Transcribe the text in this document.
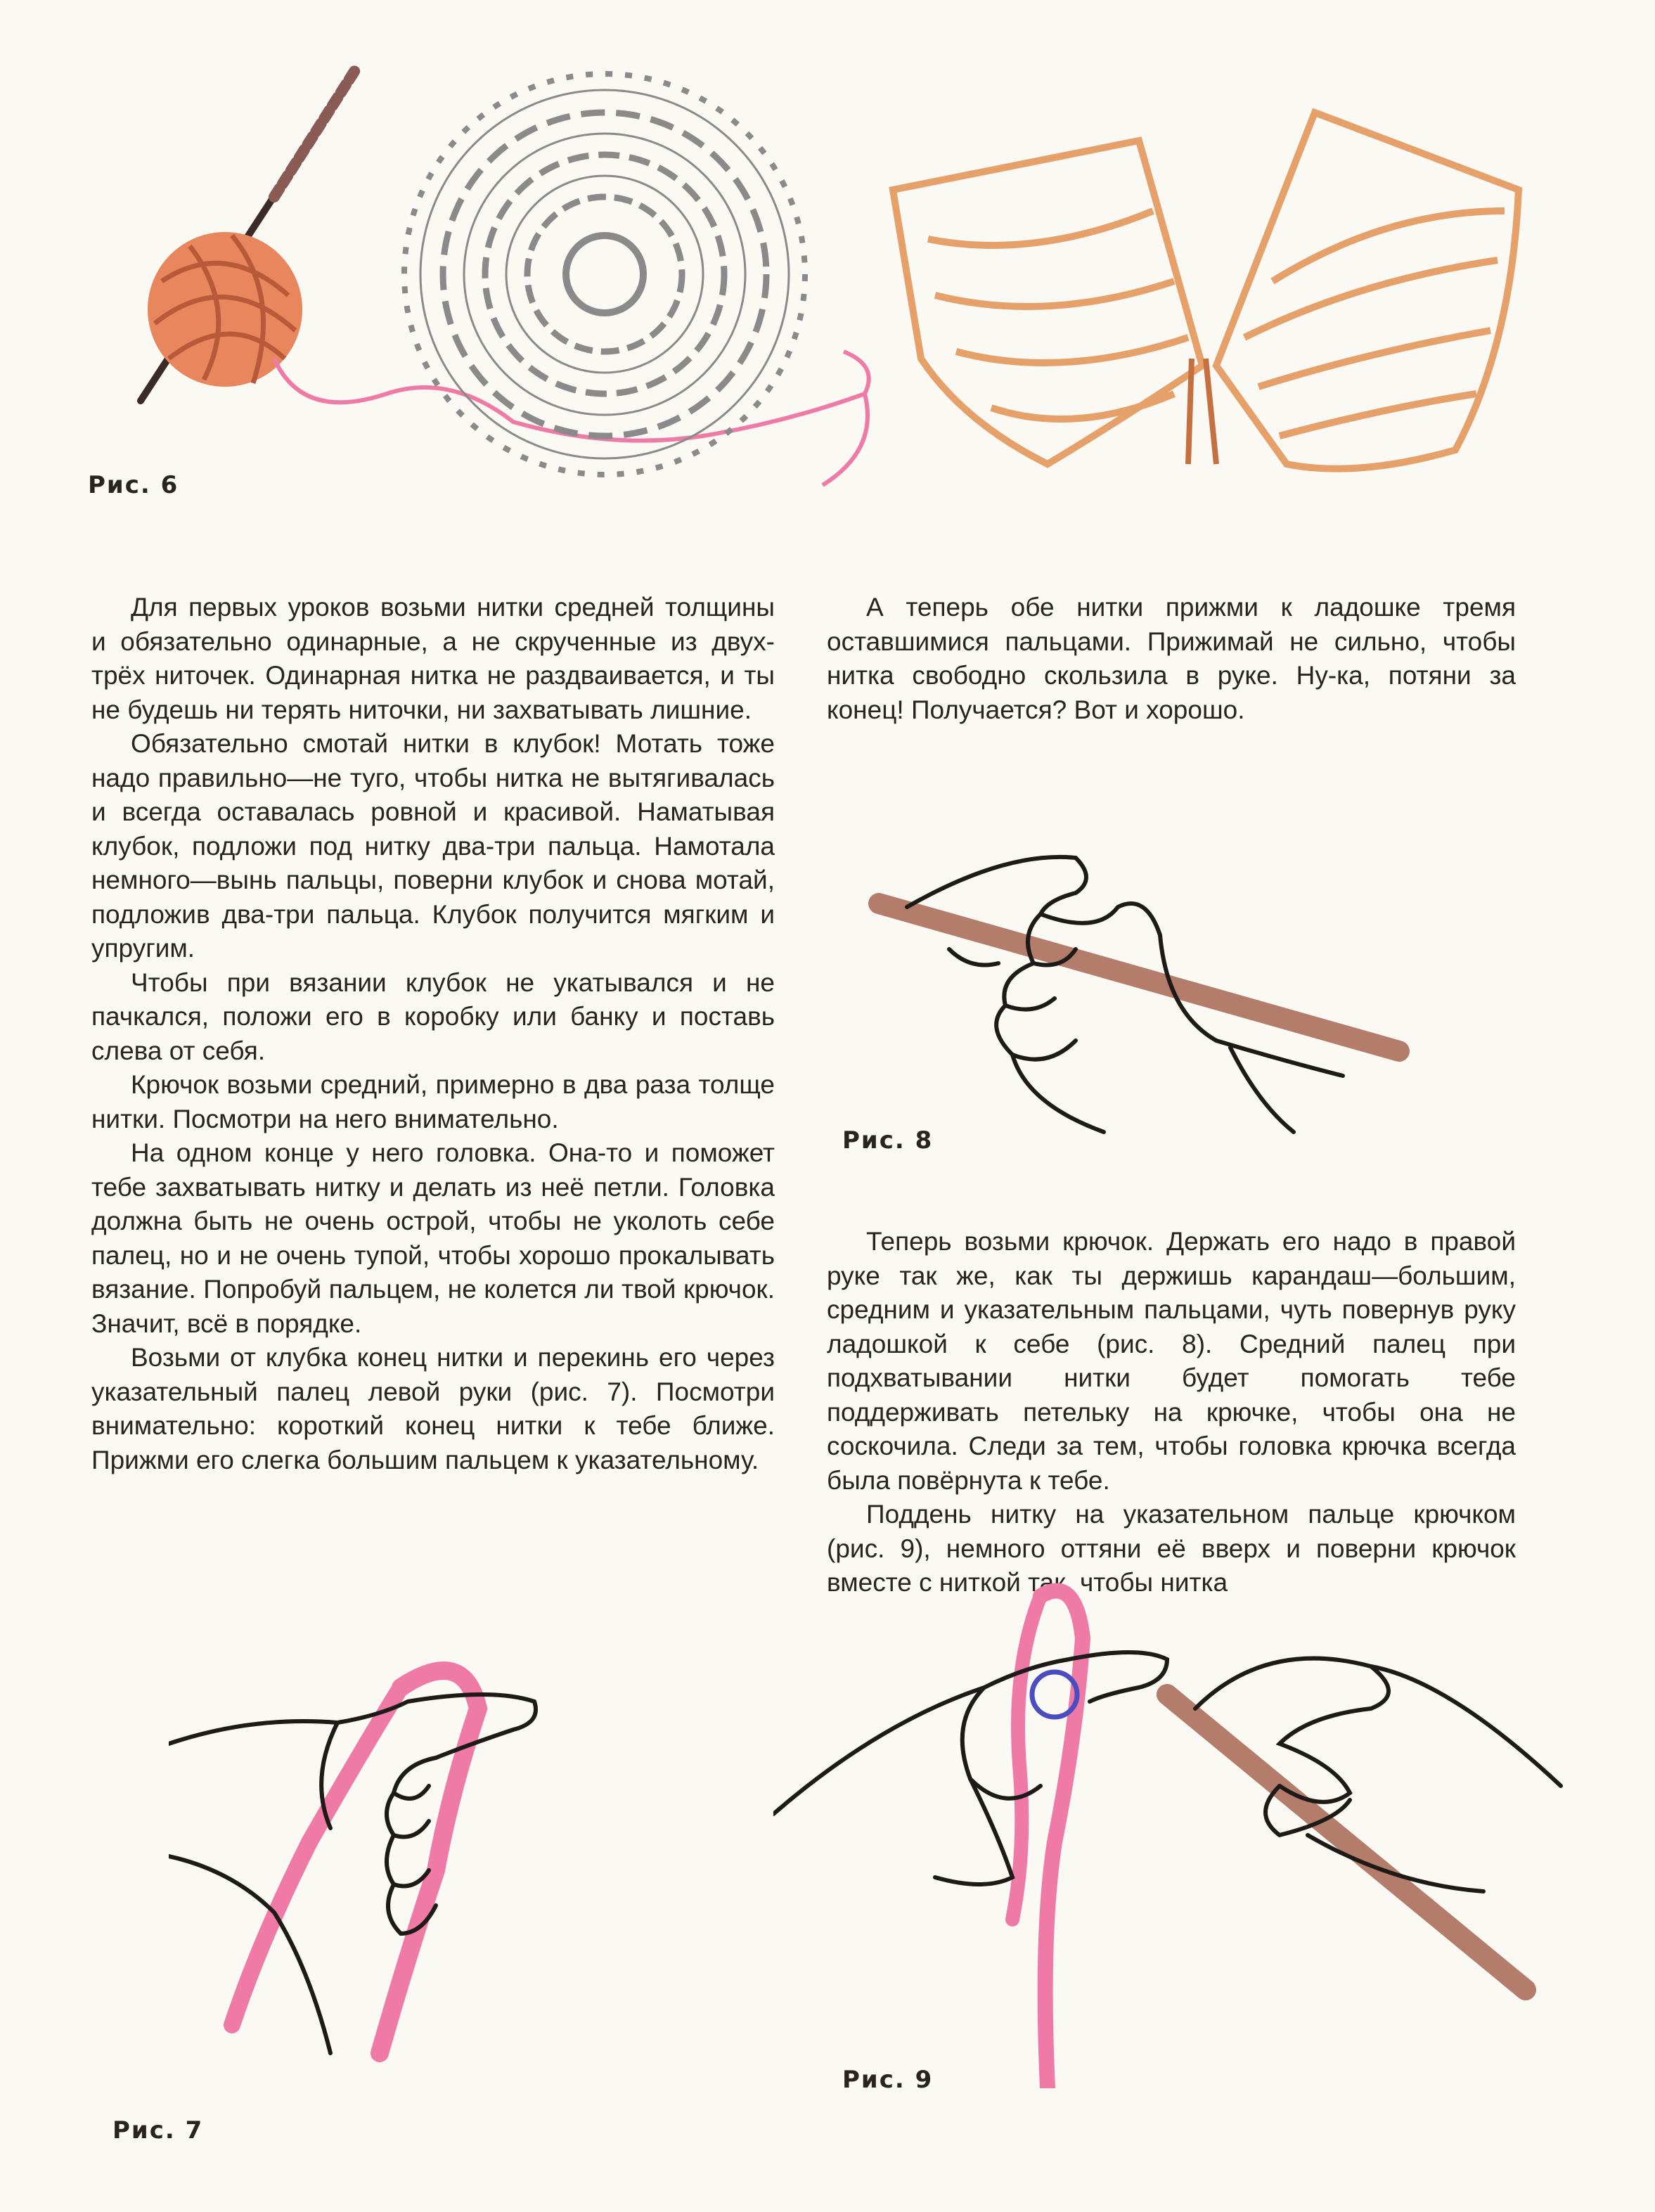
Рис. 6

Для первых уроков возьми нитки средней толщины и обязательно одинарные, а не скрученные из двух-трёх ниточек. Одинарная нитка не раздваивается, и ты не будешь ни терять ниточки, ни захватывать лишние.

Обязательно смотай нитки в клубок! Мотать тоже надо правильно—не туго, чтобы нитка не вытягивалась и всегда оставалась ровной и красивой. Наматывая клубок, подложи под нитку два-три пальца. Намотала немного—вынь пальцы, поверни клубок и снова мотай, подложив два-три пальца. Клубок получится мягким и упругим.

Чтобы при вязании клубок не укатывался и не пачкался, положи его в коробку или банку и поставь слева от себя.

Крючок возьми средний, примерно в два раза толще нитки. Посмотри на него внимательно.

На одном конце у него головка. Она-то и поможет тебе захватывать нитку и делать из неё петли. Головка должна быть не очень острой, чтобы не уколоть себе палец, но и не очень тупой, чтобы хорошо прокалывать вязание. Попробуй пальцем, не колется ли твой крючок. Значит, всё в порядке.

Возьми от клубка конец нитки и перекинь его через указательный палец левой руки (рис. 7). Посмотри внимательно: короткий конец нитки к тебе ближе. Прижми его слегка большим пальцем к указательному.

А теперь обе нитки прижми к ладошке тремя оставшимися пальцами. Прижимай не сильно, чтобы нитка свободно скользила в руке. Ну-ка, потяни за конец! Получается? Вот и хорошо.

Рис. 8

Теперь возьми крючок. Держать его надо в правой руке так же, как ты держишь карандаш—большим, средним и указательным пальцами, чуть повернув руку ладошкой к себе (рис. 8). Средний палец при подхватывании нитки будет помогать тебе поддерживать петельку на крючке, чтобы она не соскочила. Следи за тем, чтобы головка крючка всегда была повёрнута к тебе.

Поддень нитку на указательном пальце крючком (рис. 9), немного оттяни её вверх и поверни крючок вместе с ниткой так, чтобы нитка

Рис. 7
Рис. 9
